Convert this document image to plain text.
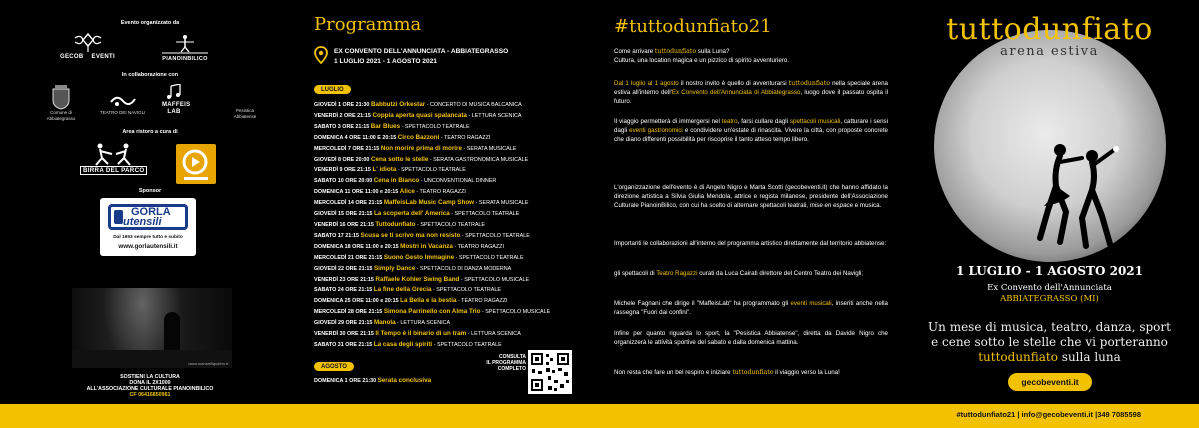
Evento organizzato da
GECOB EVENTI	PIANOINBILICO
In collaborazione con
Comune di Abbiategrasso
TEATRO DEI NAVIGLI
MAFFEIS LAB	Pesistica Abbiatense
Area ristoro a cura di
BIRRA DEL PARCO
Sponsor
GORLA
utensili
Dal 1953 sempre tutto e subito
www.gorlautensili.it
www.manuelliquirino.it
SOSTIENI LA CULTURA
DONA IL 2X1000
ALL'ASSOCIAZIONE CULTURALE PIANOINBILICO
CF 06416850961
Programma
EX CONVENTO DELL'ANNUNCIATA - ABBIATEGRASSO
1 LUGLIO 2021 - 1 AGOSTO 2021
LUGLIO
GIOVEDÌ 1 ORE 21:30 Babbutzi Orkestar - CONCERTO DI MUSICA BALCANICA
VENERDÌ 2 ORE 21:15 Coppia aperta quasi spalancata - LETTURA SCENICA
SABATO 3 ORE 21:15 Bar Blues - SPETTACOLO TEATRALE
DOMENICA 4 ORE 11:00 E 20:15 Circo Bazzoni - TEATRO RAGAZZI
MERCOLEDÌ 7 ORE 21:15 Non morire prima di morire - SERATA MUSICALE
GIOVEDÌ 8 ORE 20:00 Cena sotto le stelle - SERATA GASTRONOMICA MUSICALE
VENERDÌ 9 ORE 21:15 L' idiota - SPETTACOLO TEATRALE
SABATO 10 ORE 20:00 Cena in Bianco - UNCONVENTIONAL DINNER
DOMENICA 11 ORE 11:00 e 20:15 Alice - TEATRO RAGAZZI
MERCOLEDÌ 14 ORE 21:15 MaffeisLab Music Camp Show - SERATA MUSICALE
GIOVEDÌ 15 ORE 21:15 La scoperta dell' America - SPETTACOLO TEATRALE
VENERDÌ 16 ORE 21:15 Tuttodunfiato - SPETTACOLO TEATRALE
SABATO 17 21:15 Scusa se ti scrivo ma non resisto - SPETTACOLO TEATRALE
DOMENICA 18 ORE 11:00 e 20:15 Mostri in Vacanza - TEATRO RAGAZZI
MERCOLEDÌ 21 ORE 21:15 Suono Gesto Immagine - SPETTACOLO TEATRALE
GIOVEDÌ 22 ORE 21:15 Simply Dance - SPETTACOLO DI DANZA MODERNA
VENERDÌ 23 ORE 21:15 Raffaele Kohler Swing Band - SPETTACOLO MUSICALE
SABATO 24 ORE 21:15 La fine della Grecia - SPETTACOLO TEATRALE
DOMENICA 25 ORE 11:00 e 20:15 La Bella e la bestia - TEATRO RAGAZZI
MERCOLEDÌ 28 ORE 21:15 Simona Parrinello con Alma Trio - SPETTACOLO MUSICALE
GIOVEDÌ 29 ORE 21:15 Manola - LETTURA SCENICA
VENERDÌ 30 ORE 21:15 Il Tempo è il binario di un tram - LETTURA SCENICA
SABATO 31 ORE 21:15 La casa degli spiriti - SPETTACOLO TEATRALE
AGOSTO
DOMENICA 1 ORE 21:30 Serata conclusiva
CONSULTA
IL PROGRAMMA
COMPLETO
#tuttodunfiato21
Come arrivare tuttodunfiato sulla Luna?
Cultura, una location magica e un pizzico di spirito avventuriero.
Dal 1 luglio al 1 agosto il nostro invito è quello di avventurarsi tuttodunfiato nella speciale arena estiva all'interno dell'Ex Convento dell'Annunciata di Abbiategrasso, luogo dove il passato ospita il futuro.
Il viaggio permetterà di immergersi nel teatro, farsi cullare dagli spettacoli musicali, catturare i sensi dagli eventi gastronomici e condividere un'estate di rinascita. Vivere la città, con proposte concrete che diano differenti possibilità per riscoprire il tanto atteso tempo libero.
L'organizzazione dell'evento è di Angelo Nigro e Marta Scotti (gecobeventi.it) che hanno affidato la direzione artistica a Silvia Giulia Mendola, attrice e regista milanese, presidente dell'Associazione Culturale PianoinBilico, con cui ha scelto di alternare spettacoli teatrali, mise en espace e musica.
Importanti le collaborazioni all'interno del programma artistico direttamente dal territorio abbiatense:
gli spettacoli di Teatro Ragazzi curati da Luca Cairati direttore del Centro Teatro dei Navigli;
Michele Fagnani che dirige il "MaffeisLab" ha programmato gli eventi musicali, inseriti anche nella rassegna "Fuori dai confini".
Infine per quanto riguarda lo sport, la "Pesistica Abbiatense", diretta da Davide Nigro che organizzerà le attività sportive del sabato e dalla domenica mattina.
Non resta che fare un bel respiro e iniziare tuttodunfiato il viaggio verso la Luna!
tuttodunfiato
arena estiva
1 LUGLIO - 1 AGOSTO 2021
Ex Convento dell'Annunciata
ABBIATEGRASSO (MI)
Un mese di musica, teatro, danza, sport
e cene sotto le stelle che vi porteranno
tuttodunfiato sulla luna
gecobeventi.it
#tuttodunfiato21 | info@gecobeventi.it |349 7085598
